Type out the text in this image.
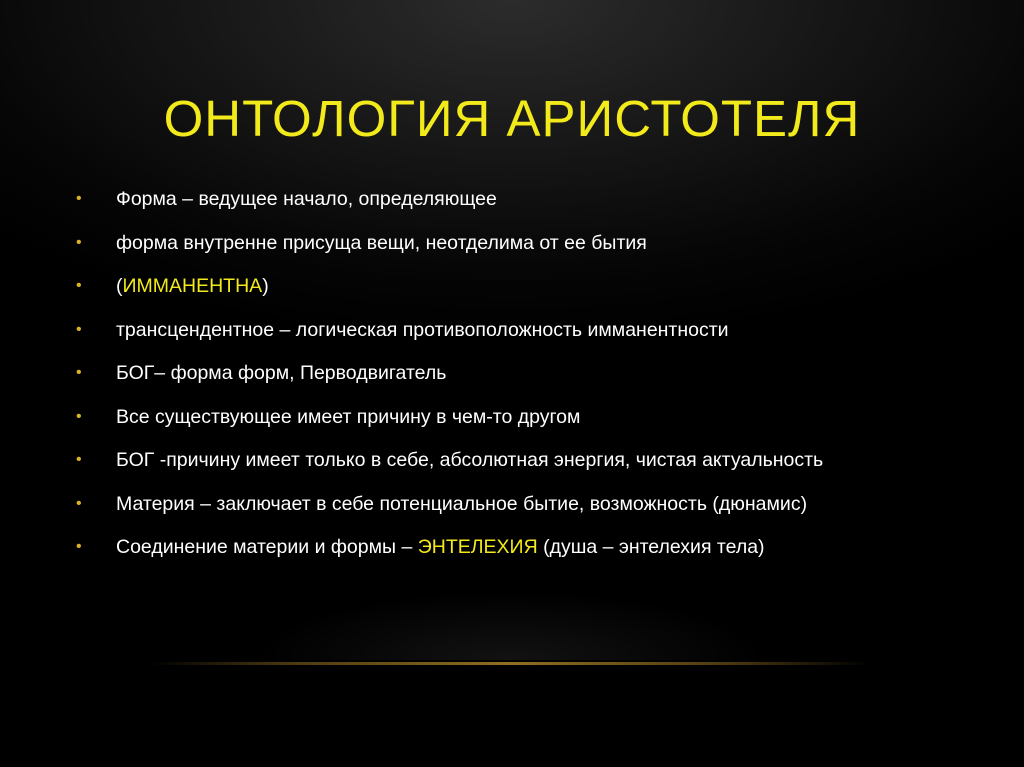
ОНТОЛОГИЯ АРИСТОТЕЛЯ
•	Форма – ведущее начало, определяющее
•	форма внутренне присуща вещи, неотделима от ее бытия
•	(ИММАНЕНТНА)
•	трансцендентное – логическая противоположность имманентности
•	БОГ– форма форм, Перводвигатель
•	Все существующее имеет причину в чем-то другом
•	БОГ -причину имеет только в себе, абсолютная энергия, чистая актуальность
•	Материя – заключает в себе потенциальное бытие, возможность (дюнамис)
•	Соединение материи и формы – ЭНТЕЛЕХИЯ (душа – энтелехия тела)
